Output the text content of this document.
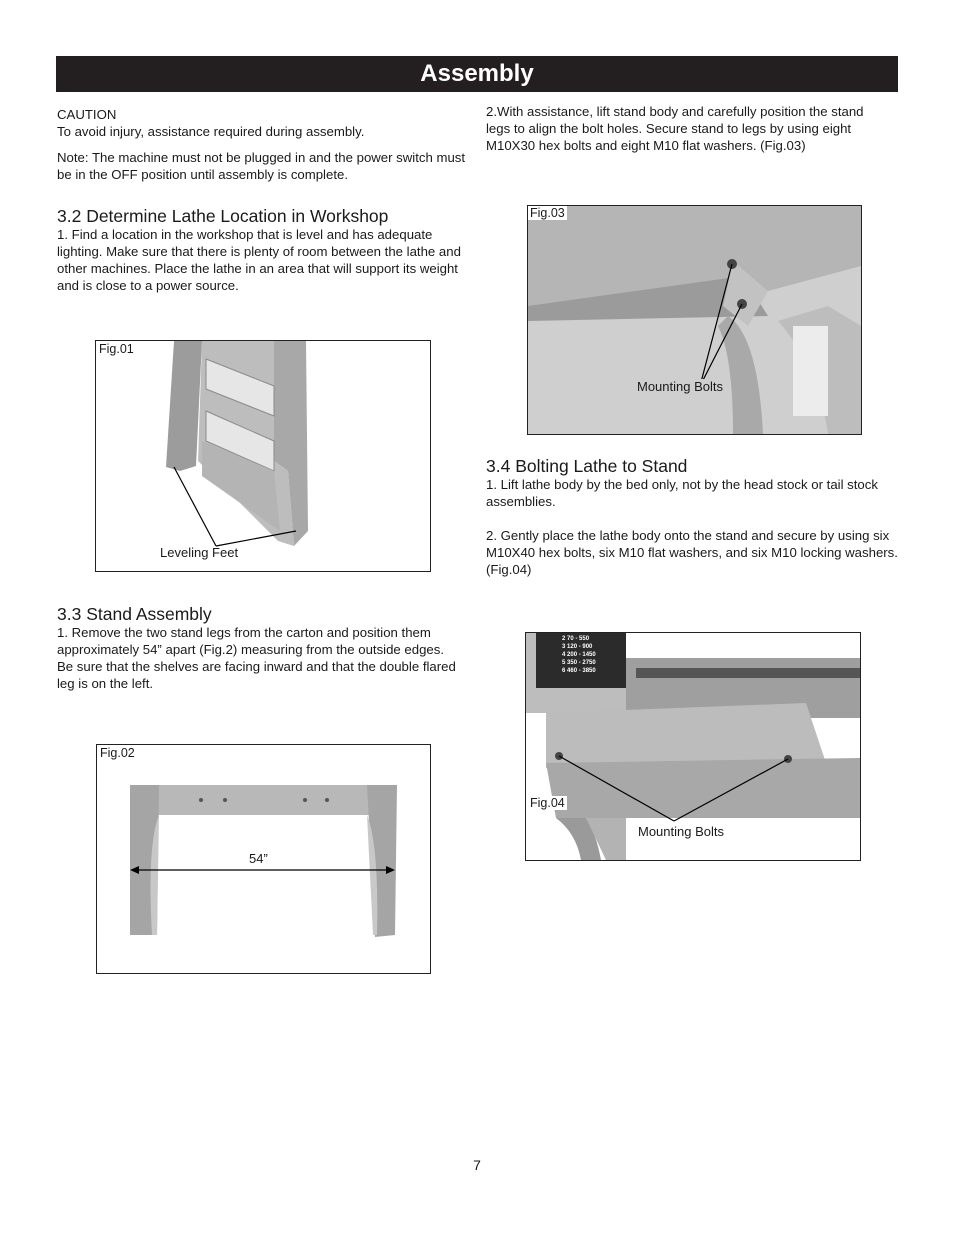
Assembly
CAUTION
To avoid injury, assistance required during assembly.
Note: The machine must not be plugged in and the power switch must be in the OFF position until assembly is complete.
3.2 Determine Lathe Location in Workshop
1. Find a location in the workshop that is level and has adequate lighting. Make sure that there is plenty of room between the lathe and other machines. Place the lathe in an area that will support its weight and is close to a power source.
Fig.01
Leveling Feet
3.3 Stand Assembly
1. Remove the two stand legs from the carton and position them approximately 54” apart (Fig.2) measuring from the outside edges. Be sure that the shelves are facing inward and that the double flared leg is on the left.
Fig.02
54”
2.With assistance, lift stand body and carefully position the stand legs to align the bolt holes. Secure stand to legs by using eight M10X30 hex bolts and eight M10 flat washers. (Fig.03)
Fig.03
Mounting Bolts
3.4 Bolting Lathe to Stand
1. Lift lathe body by the bed only, not by the head stock or tail stock assemblies.
2. Gently place the lathe body onto the stand and secure by using six M10X40 hex bolts, six M10 flat washers, and six M10 locking washers. (Fig.04)
2 70 - 550
3 120 - 900
4 200 - 1450
5 350 - 2750
6 460 - 3850
Fig.04
Mounting Bolts
7
